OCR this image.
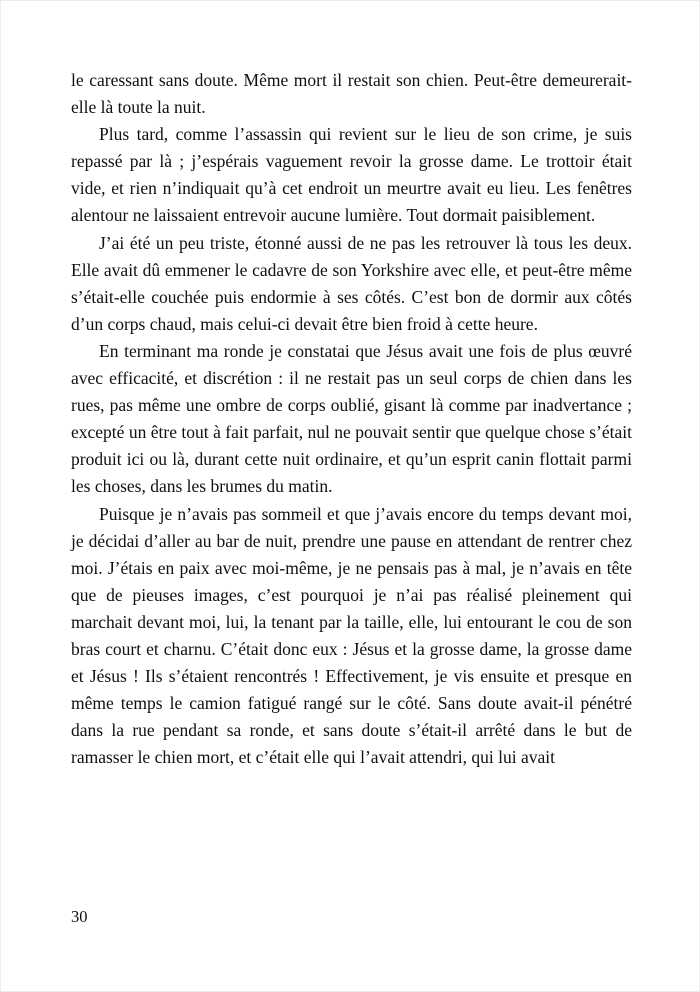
le caressant sans doute. Même mort il restait son chien. Peut-être demeurerait-elle là toute la nuit.

Plus tard, comme l’assassin qui revient sur le lieu de son crime, je suis repassé par là ; j’espérais vaguement revoir la grosse dame. Le trottoir était vide, et rien n’indiquait qu’à cet endroit un meurtre avait eu lieu. Les fenêtres alentour ne laissaient entrevoir aucune lumière. Tout dormait paisiblement.

J’ai été un peu triste, étonné aussi de ne pas les retrouver là tous les deux. Elle avait dû emmener le cadavre de son Yorkshire avec elle, et peut-être même s’était-elle couchée puis endormie à ses côtés. C’est bon de dormir aux côtés d’un corps chaud, mais celui-ci devait être bien froid à cette heure.

En terminant ma ronde je constatai que Jésus avait une fois de plus œuvré avec efficacité, et discrétion : il ne restait pas un seul corps de chien dans les rues, pas même une ombre de corps oublié, gisant là comme par inadvertance ; excepté un être tout à fait parfait, nul ne pouvait sentir que quelque chose s’était produit ici ou là, durant cette nuit ordinaire, et qu’un esprit canin flottait parmi les choses, dans les brumes du matin.

Puisque je n’avais pas sommeil et que j’avais encore du temps devant moi, je décidai d’aller au bar de nuit, prendre une pause en attendant de rentrer chez moi. J’étais en paix avec moi-même, je ne pensais pas à mal, je n’avais en tête que de pieuses images, c’est pourquoi je n’ai pas réalisé pleinement qui marchait devant moi, lui, la tenant par la taille, elle, lui entourant le cou de son bras court et charnu. C’était donc eux : Jésus et la grosse dame, la grosse dame et Jésus ! Ils s’étaient rencontrés ! Effectivement, je vis ensuite et presque en même temps le camion fatigué rangé sur le côté. Sans doute avait-il pénétré dans la rue pendant sa ronde, et sans doute s’était-il arrêté dans le but de ramasser le chien mort, et c’était elle qui l’avait attendri, qui lui avait

30
